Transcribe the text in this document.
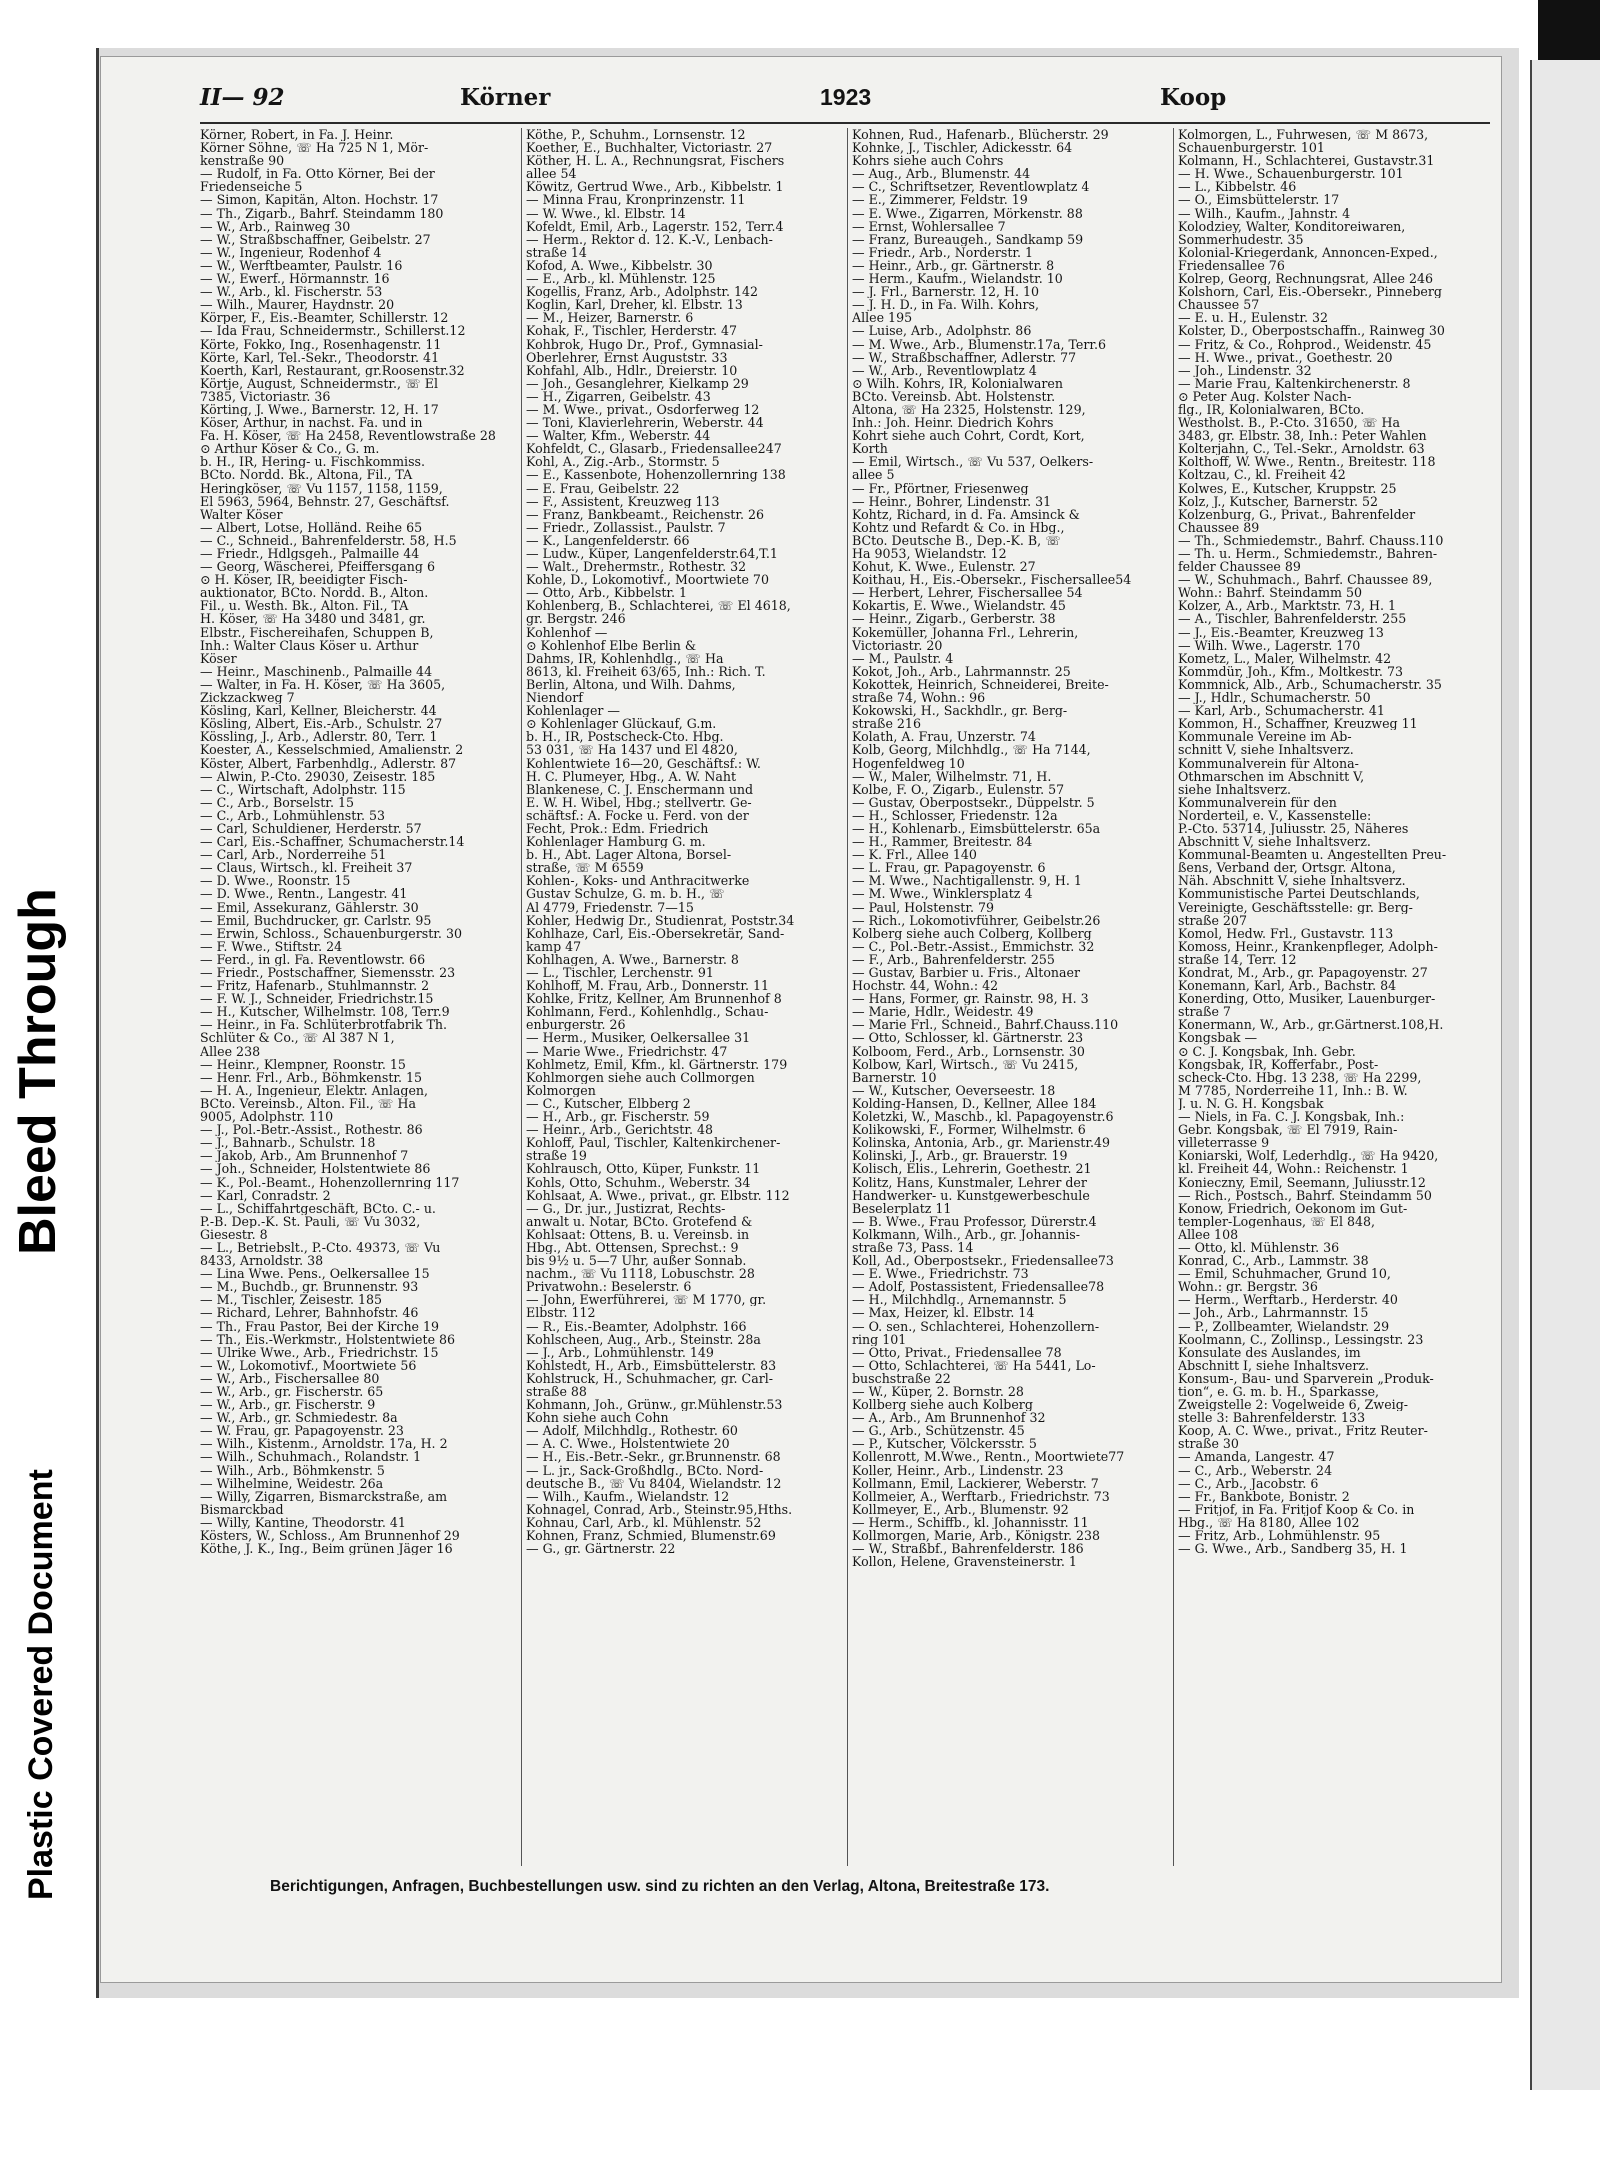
Bleed Through
Plastic Covered Document
II— 92	Körner	1923	Koop
Körner, Robert, in Fa. J. Heinr.
Körner Söhne, ☏ Ha 725 N 1, Mör-
kenstraße 90
— Rudolf, in Fa. Otto Körner, Bei der
Friedenseiche 5
— Simon, Kapitän, Alton. Hochstr. 17
— Th., Zigarb., Bahrf. Steindamm 180
— W., Arb., Rainweg 30
— W., Straßbschaffner, Geibelstr. 27
— W., Ingenieur, Rodenhof 4
— W., Werftbeamter, Paulstr. 16
— W., Ewerf., Hörmannstr. 16
— W., Arb., kl. Fischerstr. 53
— Wilh., Maurer, Haydnstr. 20
Körper, F., Eis.-Beamter, Schillerstr. 12
— Ida Frau, Schneidermstr., Schillerst.12
Körte, Fokko, Ing., Rosenhagenstr. 11
Körte, Karl, Tel.-Sekr., Theodorstr. 41
Koerth, Karl, Restaurant, gr.Roosenstr.32
Körtje, August, Schneidermstr., ☏ El
7385, Victoriastr. 36
Körting, J. Wwe., Barnerstr. 12, H. 17
Köser, Arthur, in nachst. Fa. und in
Fa. H. Köser, ☏ Ha 2458, Reventlowstraße 28
⊙ Arthur Köser & Co., G. m.
b. H., IR, Hering- u. Fischkommiss.
BCto. Nordd. Bk., Altona, Fil., TA
Heringköser, ☏ Vu 1157, 1158, 1159,
El 5963, 5964, Behnstr. 27, Geschäftsf.
Walter Köser
— Albert, Lotse, Holländ. Reihe 65
— C., Schneid., Bahrenfelderstr. 58, H.5
— Friedr., Hdlgsgeh., Palmaille 44
— Georg, Wäscherei, Pfeiffersgang 6
⊙ H. Köser, IR, beeidigter Fisch-
auktionator, BCto. Nordd. B., Alton.
Fil., u. Westh. Bk., Alton. Fil., TA
H. Köser, ☏ Ha 3480 und 3481, gr.
Elbstr., Fischereihafen, Schuppen B,
Inh.: Walter Claus Köser u. Arthur
Köser
— Heinr., Maschinenb., Palmaille 44
— Walter, in Fa. H. Köser, ☏ Ha 3605,
Zickzackweg 7
Kösling, Karl, Kellner, Bleicherstr. 44
Kösling, Albert, Eis.-Arb., Schulstr. 27
Kössling, J., Arb., Adlerstr. 80, Terr. 1
Koester, A., Kesselschmied, Amalienstr. 2
Köster, Albert, Farbenhdlg., Adlerstr. 87
— Alwin, P.-Cto. 29030, Zeisestr. 185
— C., Wirtschaft, Adolphstr. 115
— C., Arb., Borselstr. 15
— C., Arb., Lohmühlenstr. 53
— Carl, Schuldiener, Herderstr. 57
— Carl, Eis.-Schaffner, Schumacherstr.14
— Carl, Arb., Norderreihe 51
— Claus, Wirtsch., kl. Freiheit 37
— D. Wwe., Roonstr. 15
— D. Wwe., Rentn., Langestr. 41
— Emil, Assekuranz, Gählerstr. 30
— Emil, Buchdrucker, gr. Carlstr. 95
— Erwin, Schloss., Schauenburgerstr. 30
— F. Wwe., Stiftstr. 24
— Ferd., in gl. Fa. Reventlowstr. 66
— Friedr., Postschaffner, Siemensstr. 23
— Fritz, Hafenarb., Stuhlmannstr. 2
— F. W. J., Schneider, Friedrichstr.15
— H., Kutscher, Wilhelmstr. 108, Terr.9
— Heinr., in Fa. Schlüterbrotfabrik Th.
Schlüter & Co., ☏ Al 387 N 1,
Allee 238
— Heinr., Klempner, Roonstr. 15
— Henr. Frl., Arb., Böhmkenstr. 15
— H. A., Ingenieur, Elektr. Anlagen,
BCto. Vereinsb., Alton. Fil., ☏ Ha
9005, Adolphstr. 110
— J., Pol.-Betr.-Assist., Rothestr. 86
— J., Bahnarb., Schulstr. 18
— Jakob, Arb., Am Brunnenhof 7
— Joh., Schneider, Holstentwiete 86
— K., Pol.-Beamt., Hohenzollernring 117
— Karl, Conradstr. 2
— L., Schiffahrtgeschäft, BCto. C.- u.
P.-B. Dep.-K. St. Pauli, ☏ Vu 3032,
Giesestr. 8
— L., Betriebslt., P.-Cto. 49373, ☏ Vu
8433, Arnoldstr. 38
— Lina Wwe. Pens., Oelkersallee 15
— M., Buchdb., gr. Brunnenstr. 93
— M., Tischler, Zeisestr. 185
— Richard, Lehrer, Bahnhofstr. 46
— Th., Frau Pastor, Bei der Kirche 19
— Th., Eis.-Werkmstr., Holstentwiete 86
— Ulrike Wwe., Arb., Friedrichstr. 15
— W., Lokomotivf., Moortwiete 56
— W., Arb., Fischersallee 80
— W., Arb., gr. Fischerstr. 65
— W., Arb., gr. Fischerstr. 9
— W., Arb., gr. Schmiedestr. 8a
— W. Frau, gr. Papagoyenstr. 23
— Wilh., Kistenm., Arnoldstr. 17a, H. 2
— Wilh., Schuhmach., Rolandstr. 1
— Wilh., Arb., Böhmkenstr. 5
— Wilhelmine, Weidestr. 26a
— Willy, Zigarren, Bismarckstraße, am
Bismarckbad
— Willy, Kantine, Theodorstr. 41
Kösters, W., Schloss., Am Brunnenhof 29
Köthe, J. K., Ing., Beim grünen Jäger 16
Köthe, P., Schuhm., Lornsenstr. 12
Koether, E., Buchhalter, Victoriastr. 27
Köther, H. L. A., Rechnungsrat, Fischers
allee 54
Köwitz, Gertrud Wwe., Arb., Kibbelstr. 1
— Minna Frau, Kronprinzenstr. 11
— W. Wwe., kl. Elbstr. 14
Kofeldt, Emil, Arb., Lagerstr. 152, Terr.4
— Herm., Rektor d. 12. K.-V., Lenbach-
straße 14
Kofod, A. Wwe., Kibbelstr. 30
— E., Arb., kl. Mühlenstr. 125
Kogellis, Franz, Arb., Adolphstr. 142
Koglin, Karl, Dreher, kl. Elbstr. 13
— M., Heizer, Barnerstr. 6
Kohak, F., Tischler, Herderstr. 47
Kohbrok, Hugo Dr., Prof., Gymnasial-
Oberlehrer, Ernst Auguststr. 33
Kohfahl, Alb., Hdlr., Dreierstr. 10
— Joh., Gesanglehrer, Kielkamp 29
— H., Zigarren, Geibelstr. 43
— M. Wwe., privat., Osdorferweg 12
— Toni, Klavierlehrerin, Weberstr. 44
— Walter, Kfm., Weberstr. 44
Kohfeldt, C., Glasarb., Friedensallee247
Kohl, A., Zig.-Arb., Stormstr. 5
— E., Kassenbote, Hohenzollernring 138
— E. Frau, Geibelstr. 22
— F., Assistent, Kreuzweg 113
— Franz, Bankbeamt., Reichenstr. 26
— Friedr., Zollassist., Paulstr. 7
— K., Langenfelderstr. 66
— Ludw., Küper, Langenfelderstr.64,T.1
— Walt., Drehermstr., Rothestr. 32
Kohle, D., Lokomotivf., Moortwiete 70
— Otto, Arb., Kibbelstr. 1
Kohlenberg, B., Schlachterei, ☏ El 4618,
gr. Bergstr. 246
Kohlenhof —
⊙ Kohlenhof Elbe Berlin &
Dahms, IR, Kohlenhdlg., ☏ Ha
8613, kl. Freiheit 63/65, Inh.: Rich. T.
Berlin, Altona, und Wilh. Dahms,
Niendorf
Kohlenlager —
⊙ Kohlenlager Glückauf, G.m.
b. H., IR, Postscheck-Cto. Hbg.
53 031, ☏ Ha 1437 und El 4820,
Kohlentwiete 16—20, Geschäftsf.: W.
H. C. Plumeyer, Hbg., A. W. Naht
Blankenese, C. J. Enschermann und
E. W. H. Wibel, Hbg.; stellvertr. Ge-
schäftsf.: A. Focke u. Ferd. von der
Fecht, Prok.: Edm. Friedrich
Kohlenlager Hamburg G. m.
b. H., Abt. Lager Altona, Borsel-
straße, ☏ M 6559
Kohlen-, Koks- und Anthracitwerke
Gustav Schulze, G. m. b. H., ☏
Al 4779, Friedenstr. 7—15
Kohler, Hedwig Dr., Studienrat, Poststr.34
Kohlhaze, Carl, Eis.-Obersekretär, Sand-
kamp 47
Kohlhagen, A. Wwe., Barnerstr. 8
— L., Tischler, Lerchenstr. 91
Kohlhoff, M. Frau, Arb., Donnerstr. 11
Kohlke, Fritz, Kellner, Am Brunnenhof 8
Kohlmann, Ferd., Kohlenhdlg., Schau-
enburgerstr. 26
— Herm., Musiker, Oelkersallee 31
— Marie Wwe., Friedrichstr. 47
Kohlmetz, Emil, Kfm., kl. Gärtnerstr. 179
Kohlmorgen siehe auch Collmorgen
Kolmorgen
— C., Kutscher, Elbberg 2
— H., Arb., gr. Fischerstr. 59
— Heinr., Arb., Gerichtstr. 48
Kohloff, Paul, Tischler, Kaltenkirchener-
straße 19
Kohlrausch, Otto, Küper, Funkstr. 11
Kohls, Otto, Schuhm., Weberstr. 34
Kohlsaat, A. Wwe., privat., gr. Elbstr. 112
— G., Dr. jur., Justizrat, Rechts-
anwalt u. Notar, BCto. Grotefend &
Kohlsaat: Ottens, B. u. Vereinsb. in
Hbg., Abt. Ottensen, Sprechst.: 9
bis 9½ u. 5—7 Uhr, außer Sonnab.
nachm., ☏ Vu 1118, Lobuschstr. 28
Privatwohn.: Beselerstr. 6
— John, Ewerführerei, ☏ M 1770, gr.
Elbstr. 112
— R., Eis.-Beamter, Adolphstr. 166
Kohlscheen, Aug., Arb., Steinstr. 28a
— J., Arb., Lohmühlenstr. 149
Kohlstedt, H., Arb., Eimsbüttelerstr. 83
Kohlstruck, H., Schuhmacher, gr. Carl-
straße 88
Kohmann, Joh., Grünw., gr.Mühlenstr.53
Kohn siehe auch Cohn
— Adolf, Milchhdlg., Rothestr. 60
— A. C. Wwe., Holstentwiete 20
— H., Eis.-Betr.-Sekr., gr.Brunnenstr. 68
— L. jr., Sack-Großhdlg., BCto. Nord-
deutsche B., ☏ Vu 8404, Wielandstr. 12
— Wilh., Kaufm., Wielandstr. 12
Kohnagel, Conrad, Arb., Steinstr.95,Hths.
Kohnau, Carl, Arb., kl. Mühlenstr. 52
Kohnen, Franz, Schmied, Blumenstr.69
— G., gr. Gärtnerstr. 22
Kohnen, Rud., Hafenarb., Blücherstr. 29
Kohnke, J., Tischler, Adickesstr. 64
Kohrs siehe auch Cohrs
— Aug., Arb., Blumenstr. 44
— C., Schriftsetzer, Reventlowplatz 4
— E., Zimmerer, Feldstr. 19
— E. Wwe., Zigarren, Mörkenstr. 88
— Ernst, Wohlersallee 7
— Franz, Bureaugeh., Sandkamp 59
— Friedr., Arb., Norderstr. 1
— Heinr., Arb., gr. Gärtnerstr. 8
— Herm., Kaufm., Wielandstr. 10
— J. Frl., Barnerstr. 12, H. 10
— J. H. D., in Fa. Wilh. Kohrs,
Allee 195
— Luise, Arb., Adolphstr. 86
— M. Wwe., Arb., Blumenstr.17a, Terr.6
— W., Straßbschaffner, Adlerstr. 77
— W., Arb., Reventlowplatz 4
⊙ Wilh. Kohrs, IR, Kolonialwaren
BCto. Vereinsb. Abt. Holstenstr.
Altona, ☏ Ha 2325, Holstenstr. 129,
Inh.: Joh. Heinr. Diedrich Kohrs
Kohrt siehe auch Cohrt, Cordt, Kort,
Korth
— Emil, Wirtsch., ☏ Vu 537, Oelkers-
allee 5
— Fr., Pförtner, Friesenweg
— Heinr., Bohrer, Lindenstr. 31
Kohtz, Richard, in d. Fa. Amsinck &
Kohtz und Refardt & Co. in Hbg.,
BCto. Deutsche B., Dep.-K. B, ☏
Ha 9053, Wielandstr. 12
Kohut, K. Wwe., Eulenstr. 27
Koithau, H., Eis.-Obersekr., Fischersallee54
— Herbert, Lehrer, Fischersallee 54
Kokartis, E. Wwe., Wielandstr. 45
— Heinr., Zigarb., Gerberstr. 38
Kokemüller, Johanna Frl., Lehrerin,
Victoriastr. 20
— M., Paulstr. 4
Kokot, Joh., Arb., Lahrmannstr. 25
Kokottek, Heinrich, Schneiderei, Breite-
straße 74, Wohn.: 96
Kokowski, H., Sackhdlr., gr. Berg-
straße 216
Kolath, A. Frau, Unzerstr. 74
Kolb, Georg, Milchhdlg., ☏ Ha 7144,
Hogenfeldweg 10
— W., Maler, Wilhelmstr. 71, H.
Kolbe, F. O., Zigarb., Eulenstr. 57
— Gustav, Oberpostsekr., Düppelstr. 5
— H., Schlosser, Friedenstr. 12a
— H., Kohlenarb., Eimsbüttelerstr. 65a
— H., Rammer, Breitestr. 84
— K. Frl., Allee 140
— L. Frau, gr. Papagoyenstr. 6
— M. Wwe., Nachtigallenstr. 9, H. 1
— M. Wwe., Winklersplatz 4
— Paul, Holstenstr. 79
— Rich., Lokomotivführer, Geibelstr.26
Kolberg siehe auch Colberg, Kollberg
— C., Pol.-Betr.-Assist., Emmichstr. 32
— F., Arb., Bahrenfelderstr. 255
— Gustav, Barbier u. Fris., Altonaer
Hochstr. 44, Wohn.: 42
— Hans, Former, gr. Rainstr. 98, H. 3
— Marie, Hdlr., Weidestr. 49
— Marie Frl., Schneid., Bahrf.Chauss.110
— Otto, Schlosser, kl. Gärtnerstr. 23
Kolboom, Ferd., Arb., Lornsenstr. 30
Kolbow, Karl, Wirtsch., ☏ Vu 2415,
Barnerstr. 10
— W., Kutscher, Oeverseestr. 18
Kolding-Hansen, D., Kellner, Allee 184
Koletzki, W., Maschb., kl. Papagoyenstr.6
Kolikowski, F., Former, Wilhelmstr. 6
Kolinska, Antonia, Arb., gr. Marienstr.49
Kolinski, J., Arb., gr. Brauerstr. 19
Kolisch, Elis., Lehrerin, Goethestr. 21
Kolitz, Hans, Kunstmaler, Lehrer der
Handwerker- u. Kunstgewerbeschule
Beselerplatz 11
— B. Wwe., Frau Professor, Dürerstr.4
Kolkmann, Wilh., Arb., gr. Johannis-
straße 73, Pass. 14
Koll, Ad., Oberpostsekr., Friedensallee73
— E. Wwe., Friedrichstr. 73
— Adolf, Postassistent, Friedensallee78
— H., Milchhdlg., Arnemannstr. 5
— Max, Heizer, kl. Elbstr. 14
— O. sen., Schlachterei, Hohenzollern-
ring 101
— Otto, Privat., Friedensallee 78
— Otto, Schlachterei, ☏ Ha 5441, Lo-
buschstraße 22
— W., Küper, 2. Bornstr. 28
Kollberg siehe auch Kolberg
— A., Arb., Am Brunnenhof 32
— G., Arb., Schützenstr. 45
— P., Kutscher, Völckersstr. 5
Kollenrott, M.Wwe., Rentn., Moortwiete77
Koller, Heinr., Arb., Lindenstr. 23
Kollmann, Emil, Lackierer, Weberstr. 7
Kollmeier, A., Werftarb., Friedrichstr. 73
Kollmeyer, E., Arb., Blumenstr. 92
— Herm., Schiffb., kl. Johannisstr. 11
Kollmorgen, Marie, Arb., Königstr. 238
— W., Straßbf., Bahrenfelderstr. 186
Kollon, Helene, Gravensteinerstr. 1
Kolmorgen, L., Fuhrwesen, ☏ M 8673,
Schauenburgerstr. 101
Kolmann, H., Schlachterei, Gustavstr.31
— H. Wwe., Schauenburgerstr. 101
— L., Kibbelstr. 46
— O., Eimsbüttelerstr. 17
— Wilh., Kaufm., Jahnstr. 4
Kolodziey, Walter, Konditoreiwaren,
Sommerhudestr. 35
Kolonial-Kriegerdank, Annoncen-Exped.,
Friedensallee 76
Kolrep, Georg, Rechnungsrat, Allee 246
Kolshorn, Carl, Eis.-Obersekr., Pinneberg
Chaussee 57
— E. u. H., Eulenstr. 32
Kolster, D., Oberpostschaffn., Rainweg 30
— Fritz, & Co., Rohprod., Weidenstr. 45
— H. Wwe., privat., Goethestr. 20
— Joh., Lindenstr. 32
— Marie Frau, Kaltenkirchenerstr. 8
⊙ Peter Aug. Kolster Nach-
flg., IR, Kolonialwaren, BCto.
Westholst. B., P.-Cto. 31650, ☏ Ha
3483, gr. Elbstr. 38, Inh.: Peter Wahlen
Kolterjahn, C., Tel.-Sekr., Arnoldstr. 63
Kolthoff, W. Wwe., Rentn., Breitestr. 118
Koltzau, C., kl. Freiheit 42
Kolwes, E., Kutscher, Kruppstr. 25
Kolz, J., Kutscher, Barnerstr. 52
Kolzenburg, G., Privat., Bahrenfelder
Chaussee 89
— Th., Schmiedemstr., Bahrf. Chauss.110
— Th. u. Herm., Schmiedemstr., Bahren-
felder Chaussee 89
— W., Schuhmach., Bahrf. Chaussee 89,
Wohn.: Bahrf. Steindamm 50
Kolzer, A., Arb., Marktstr. 73, H. 1
— A., Tischler, Bahrenfelderstr. 255
— J., Eis.-Beamter, Kreuzweg 13
— Wilh. Wwe., Lagerstr. 170
Kometz, L., Maler, Wilhelmstr. 42
Kommdür, Joh., Kfm., Moltkestr. 73
Kommnick, Alb., Arb., Schumacherstr. 35
— J., Hdlr., Schumacherstr. 50
— Karl, Arb., Schumacherstr. 41
Kommon, H., Schaffner, Kreuzweg 11
Kommunale Vereine im Ab-
schnitt V, siehe Inhaltsverz.
Kommunalverein für Altona-
Othmarschen im Abschnitt V,
siehe Inhaltsverz.
Kommunalverein für den
Norderteil, e. V., Kassenstelle:
P.-Cto. 53714, Juliusstr. 25, Näheres
Abschnitt V, siehe Inhaltsverz.
Kommunal-Beamten u. Angestellten Preu-
ßens, Verband der, Ortsgr. Altona,
Näh. Abschnitt V, siehe Inhaltsverz.
Kommunistische Partei Deutschlands,
Vereinigte, Geschäftsstelle: gr. Berg-
straße 207
Komol, Hedw. Frl., Gustavstr. 113
Komoss, Heinr., Krankenpfleger, Adolph-
straße 14, Terr. 12
Kondrat, M., Arb., gr. Papagoyenstr. 27
Konemann, Karl, Arb., Bachstr. 84
Konerding, Otto, Musiker, Lauenburger-
straße 7
Konermann, W., Arb., gr.Gärtnerst.108,H.
Kongsbak —
⊙ C. J. Kongsbak, Inh. Gebr.
Kongsbak, IR, Kofferfabr., Post-
scheck-Cto. Hbg. 13 238, ☏ Ha 2299,
M 7785, Norderreihe 11, Inh.: B. W.
J. u. N. G. H. Kongsbak
— Niels, in Fa. C. J. Kongsbak, Inh.:
Gebr. Kongsbak, ☏ El 7919, Rain-
villeterrasse 9
Koniarski, Wolf, Lederhdlg., ☏ Ha 9420,
kl. Freiheit 44, Wohn.: Reichenstr. 1
Konieczny, Emil, Seemann, Juliusstr.12
— Rich., Postsch., Bahrf. Steindamm 50
Konow, Friedrich, Oekonom im Gut-
templer-Logenhaus, ☏ El 848,
Allee 108
— Otto, kl. Mühlenstr. 36
Konrad, C., Arb., Lammstr. 38
— Emil, Schuhmacher, Grund 10,
Wohn.: gr. Bergstr. 36
— Herm., Werftarb., Herderstr. 40
— Joh., Arb., Lahrmannstr. 15
— P., Zollbeamter, Wielandstr. 29
Koolmann, C., Zollinsp., Lessingstr. 23
Konsulate des Auslandes, im
Abschnitt I, siehe Inhaltsverz.
Konsum-, Bau- und Sparverein „Produk-
tion“, e. G. m. b. H., Sparkasse,
Zweigstelle 2: Vogelweide 6, Zweig-
stelle 3: Bahrenfelderstr. 133
Koop, A. C. Wwe., privat., Fritz Reuter-
straße 30
— Amanda, Langestr. 47
— C., Arb., Weberstr. 24
— C., Arb., Jacobstr. 6
— Fr., Bankbote, Bonistr. 2
— Fritjof, in Fa. Fritjof Koop & Co. in
Hbg., ☏ Ha 8180, Allee 102
— Fritz, Arb., Lohmühlenstr. 95
— G. Wwe., Arb., Sandberg 35, H. 1
Berichtigungen, Anfragen, Buchbestellungen usw. sind zu richten an den Verlag, Altona, Breitestraße 173.
